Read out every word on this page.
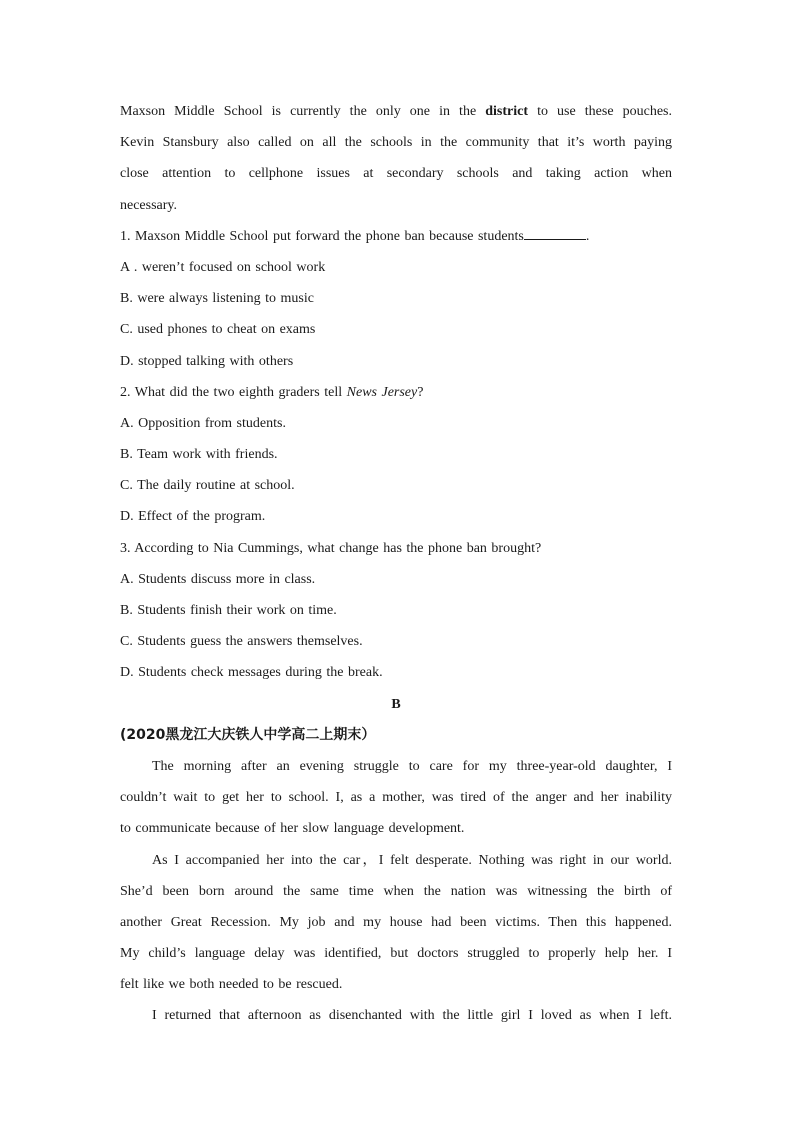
Maxson Middle School is currently the only one in the district to use these pouches.
Kevin Stansbury also called on all the schools in the community that it’s worth paying
close attention to cellphone issues at secondary schools and taking action when
necessary.
1. Maxson Middle School put forward the phone ban because students	.
A . weren’t focused on school work
B. were always listening to music
C. used phones to cheat on exams
D. stopped talking with others
2. What did the two eighth graders tell News Jersey?
A. Opposition from students.
B. Team work with friends.
C. The daily routine at school.
D. Effect of the program.
3. According to Nia Cummings, what change has the phone ban brought?
A. Students discuss more in class.
B. Students finish their work on time.
C. Students guess the answers themselves.
D. Students check messages during the break.
B
(2020黑龙江大庆铁人中学高二上期末）
The morning after an evening struggle to care for my three-year-old daughter, I
couldn’t wait to get her to school. I, as a mother, was tired of the anger and her inability
to communicate because of her slow language development.
As I accompanied her into the car，I felt desperate. Nothing was right in our world.
She’d been born around the same time when the nation was witnessing the birth of
another Great Recession. My job and my house had been victims. Then this happened.
My child’s language delay was identified, but doctors struggled to properly help her. I
felt like we both needed to be rescued.
I returned that afternoon as disenchanted with the little girl I loved as when I left.
